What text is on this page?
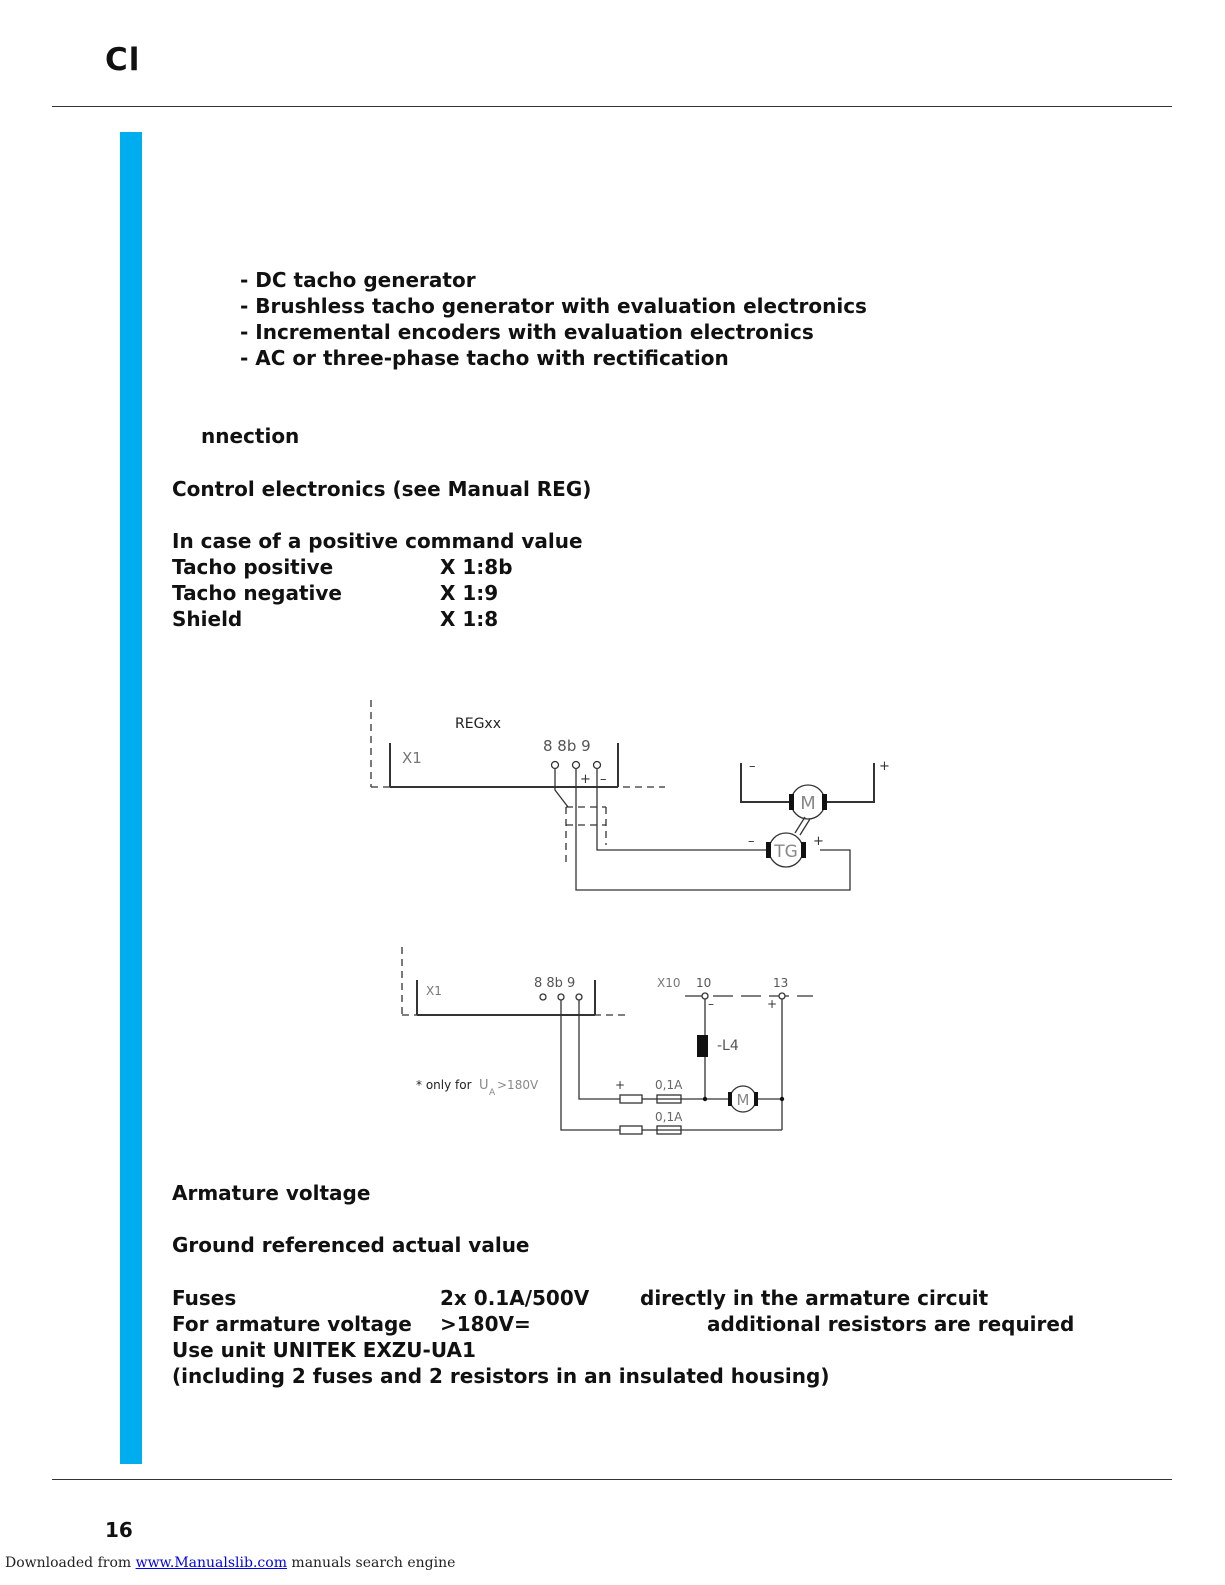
Cl
- DC tacho generator
- Brushless tacho generator with evaluation electronics
- Incremental encoders with evaluation electronics
- AC or three-phase tacho with rectification
nnection
Control electronics (see Manual REG)
In case of a positive command value
Tacho positive	X 1:8b
Tacho negative	X 1:9
Shield	X 1:8
REGxx
X1
8 8b 9
+ –
–	+
–	+
M
TG
X1	8 8b 9	X10 10	13
–	+
-L4
* only for U A
>180V	+ 0,1A
0,1A
M
Armature voltage
Ground referenced actual value
Fuses	2x 0.1A/500V	directly in the armature circuit
For armature voltage >180V=	additional resistors are required
Use unit UNITEK EXZU-UA1
(including 2 fuses and 2 resistors in an insulated housing)
16
Downloaded from www.Manualslib.com manuals search engine
